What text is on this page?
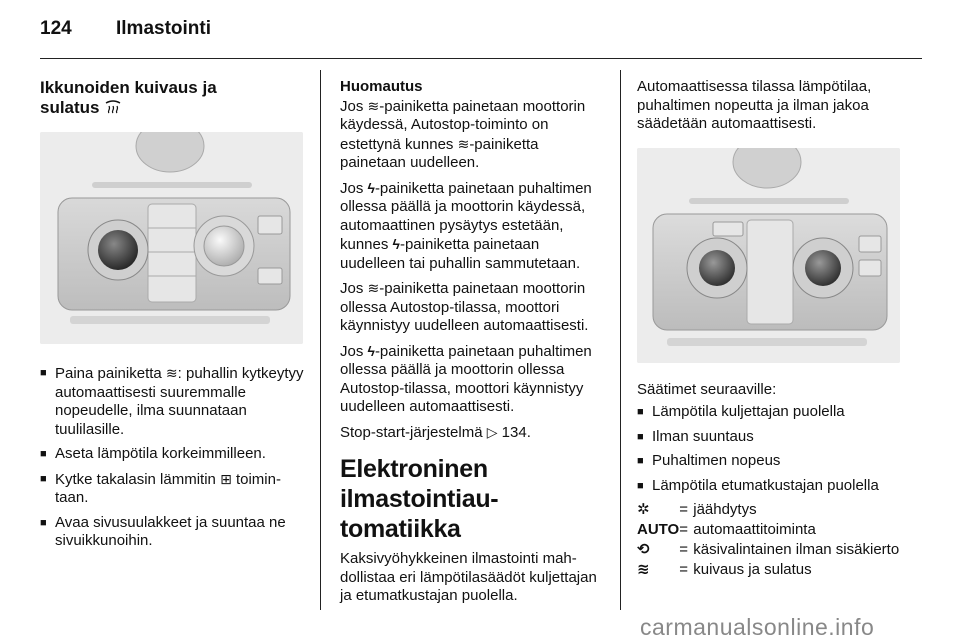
124 Ilmastointi

Ikkunoiden kuivaus ja
sulatus

■ Paina painiketta ≋: puhallin kytkeytyy automaattisesti suuremmalle nopeudelle, ilma suunnataan tuulilasille.
■ Aseta lämpötila korkeimmilleen.
■ Kytke takalasin lämmitin ⊞ toimintaan.
■ Avaa sivusuulakkeet ja suuntaa ne sivuikkunoihin.
Huomautus

Jos ≋-painiketta painetaan moottorin käydessä, Autostop-toiminto on estettynä kunnes ≋-painiketta painetaan uudelleen.

Jos ϟ-painiketta painetaan puhaltimen ollessa päällä ja moottorin käydessä, automaattinen pysäytys estetään, kunnes ϟ-painiketta painetaan uudelleen tai puhallin sammutetaan.

Jos ≋-painiketta painetaan moottorin ollessa Autostop-tilassa, moottori käynnistyy uudelleen automaattisesti.

Jos ϟ-painiketta painetaan puhaltimen ollessa päällä ja moottorin ollessa Autostop-tilassa, moottori käynnistyy uudelleen automaattisesti.

Stop-start-järjestelmä ▷ 134.

Elektroninen ilmastointiautomatiikka

Kaksivyöhykkeinen ilmastointi mahdollistaa eri lämpötilasäädöt kuljettajan ja etumatkustajan puolella.

Automaattisessa tilassa lämpötilaa, puhaltimen nopeutta ja ilman jakoa säädetään automaattisesti.

Säätimet seuraaville:

■ Lämpötila kuljettajan puolella
■ Ilman suuntaus
■ Puhaltimen nopeus
■ Lämpötila etumatkustajan puolella
✲	=	jäähdytys
AUTO	=	automaattitoiminta
⟲	=	käsivalintainen ilman sisäkierto
≋	=	kuivaus ja sulatus
carmanualsonline.info
